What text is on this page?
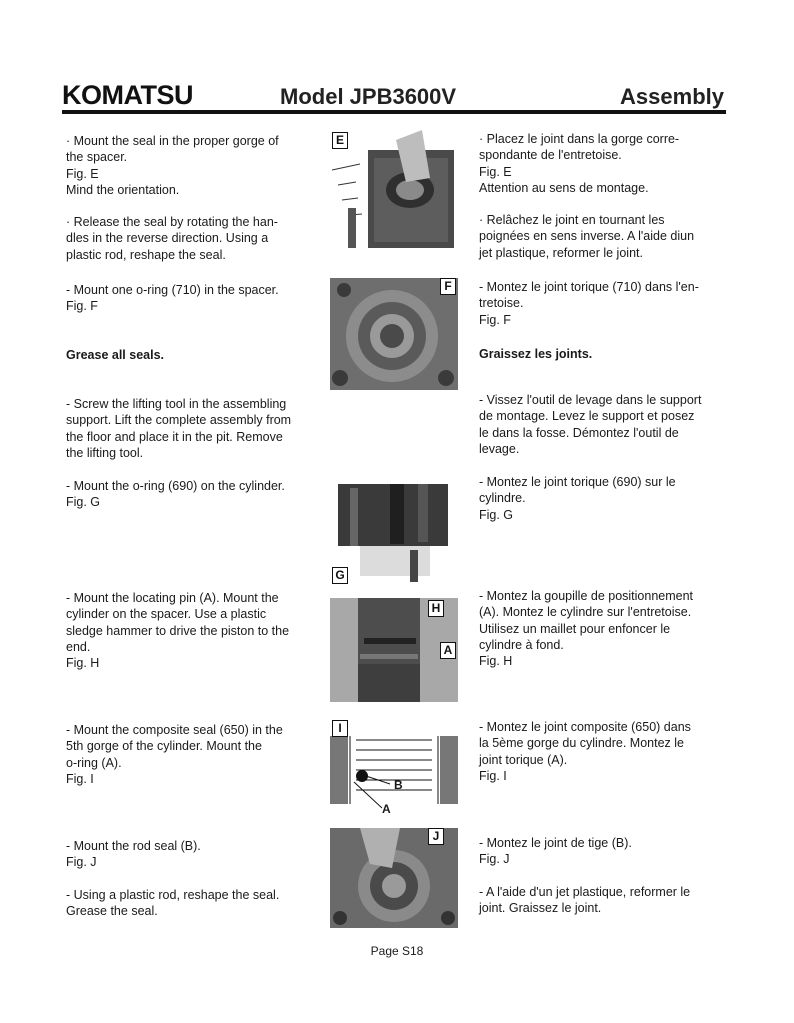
KOMATSU	Model JPB3600V	Assembly

· Mount the seal in the proper gorge of

the spacer.

Fig. E

Mind the orientation.

· Release the seal by rotating the han-

dles in the reverse direction. Using a

plastic rod, reshape the seal.

- Mount one o-ring (710) in the spacer.

Fig. F

Grease all seals.

- Screw the lifting tool in the assembling

support. Lift the complete assembly from

the floor and place it in the pit. Remove

the lifting tool.

- Mount the o-ring (690) on the cylinder.

Fig. G

- Mount the locating pin (A). Mount the

cylinder on the spacer. Use a plastic

sledge hammer to drive the piston to the

end.

Fig. H

- Mount the composite seal (650) in the

5th gorge of the cylinder. Mount the

o-ring (A).

Fig. I

- Mount the rod seal (B).

Fig. J

- Using a plastic rod, reshape the seal.

Grease the seal.

· Placez le joint dans la gorge corre-

spondante de l'entretoise.

Fig. E

Attention au sens de montage.

· Relâchez le joint en tournant les

poignées en sens inverse. A l'aide diun

jet plastique, reformer le joint.

- Montez le joint torique (710) dans l'en-

tretoise.

Fig. F

Graissez les joints.

- Vissez l'outil de levage dans le support

de montage. Levez le support et posez

le dans la fosse. Démontez l'outil de

levage.

- Montez le joint torique (690) sur le

cylindre.

Fig. G

- Montez la goupille de positionnement

(A). Montez le cylindre sur l'entretoise.

Utilisez un maillet pour enfoncer le

cylindre à fond.

Fig. H

- Montez le joint composite (650) dans

la 5ème gorge du cylindre. Montez le

joint torique (A).

Fig. I

- Montez le joint de tige (B).

Fig. J

- A l'aide d'un jet plastique, reformer le

joint. Graissez le joint.

E
F
G
H
A
I
B
A
J
Page S18
